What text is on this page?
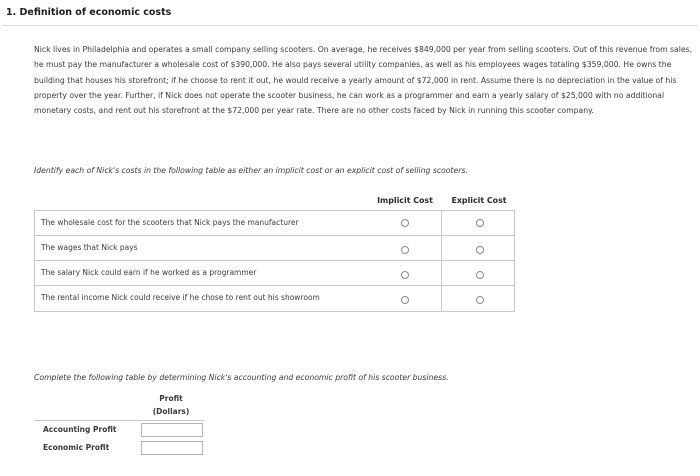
1. Definition of economic costs
Nick lives in Philadelphia and operates a small company selling scooters. On average, he receives $849,000 per year from selling scooters. Out of this revenue from sales, he must pay the manufacturer a wholesale cost of $390,000. He also pays several utility companies, as well as his employees wages totaling $359,000. He owns the building that houses his storefront; if he choose to rent it out, he would receive a yearly amount of $72,000 in rent. Assume there is no depreciation in the value of his property over the year. Further, if Nick does not operate the scooter business, he can work as a programmer and earn a yearly salary of $25,000 with no additional monetary costs, and rent out his storefront at the $72,000 per year rate. There are no other costs faced by Nick in running this scooter company.
Identify each of Nick's costs in the following table as either an implicit cost or an explicit cost of selling scooters.
Implicit Cost	Explicit Cost
The wholesale cost for the scooters that Nick pays the manufacturer
The wages that Nick pays
The salary Nick could earn if he worked as a programmer
The rental income Nick could receive if he chose to rent out his showroom
Complete the following table by determining Nick's accounting and economic profit of his scooter business.
Profit
(Dollars)
Accounting Profit
Economic Profit
